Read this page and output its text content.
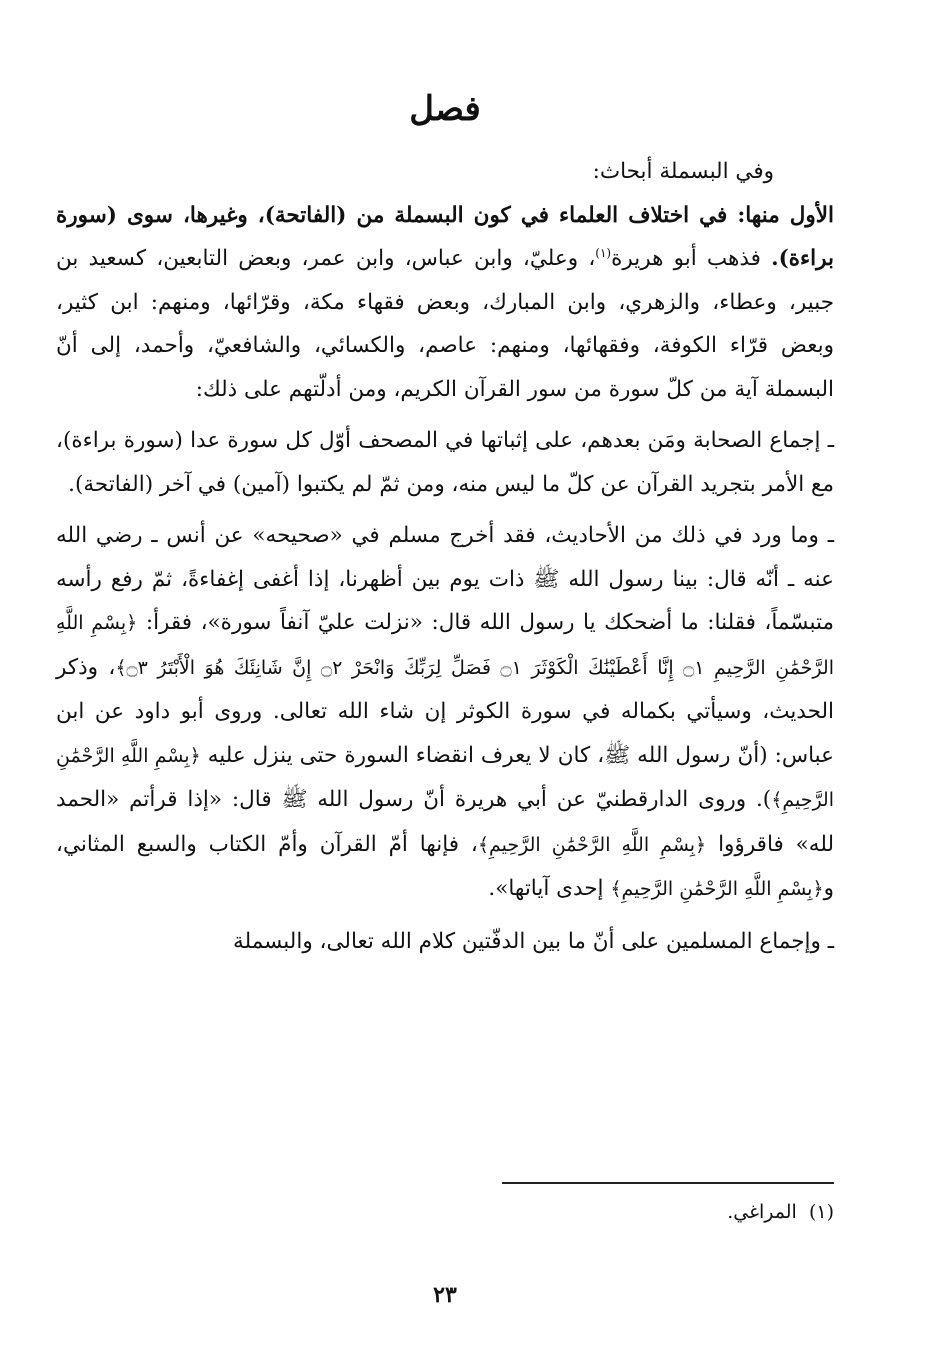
فصل

وفي البسملة أبحاث:

الأول منها: في اختلاف العلماء في كون البسملة من (الفاتحة)، وغيرها، سوى (سورة براءة). فذهب أبو هريرة$^{(١)}$، وعليّ، وابن عباس، وابن عمر، وبعض التابعين، كسعيد بن جبير، وعطاء، والزهري، وابن المبارك، وبعض فقهاء مكة، وقرّائها، ومنهم: ابن كثير، وبعض قرّاء الكوفة، وفقهائها، ومنهم: عاصم، والكسائي، والشافعيّ، وأحمد، إلى أنّ البسملة آية من كلّ سورة من سور القرآن الكريم، ومن أدلّتهم على ذلك:

ـ إجماع الصحابة ومَن بعدهم، على إثباتها في المصحف أوّل كل سورة عدا (سورة براءة)، مع الأمر بتجريد القرآن عن كلّ ما ليس منه، ومن ثمّ لم يكتبوا (آمين) في آخر (الفاتحة).

ـ وما ورد في ذلك من الأحاديث، فقد أخرج مسلم في «صحيحه» عن أنس ـ رضي الله عنه ـ أنّه قال: بينا رسول الله ﷺ ذات يوم بين أظهرنا، إذا أغفى إغفاءةً، ثمّ رفع رأسه متبسّماً، فقلنا: ما أضحكك يا رسول الله قال: «نزلت عليّ آنفاً سورة»، فقرأ: ﴿بِسْمِ اللَّهِ الرَّحْمَٰنِ الرَّحِيمِ ۝١ إِنَّا أَعْطَيْنَٰكَ الْكَوْثَرَ ۝١ فَصَلِّ لِرَبِّكَ وَانْحَرْ ۝٢ إِنَّ شَانِئَكَ هُوَ الْأَبْتَرُ ۝٣﴾، وذكر الحديث، وسيأتي بكماله في سورة الكوثر إن شاء الله تعالى. وروى أبو داود عن ابن عباس: (أنّ رسول الله ﷺ، كان لا يعرف انقضاء السورة حتى ينزل عليه ﴿بِسْمِ اللَّهِ الرَّحْمَٰنِ الرَّحِيمِ﴾). وروى الدارقطنيّ عن أبي هريرة أنّ رسول الله ﷺ قال: «إذا قرأتم «الحمد لله» فاقرؤوا ﴿بِسْمِ اللَّهِ الرَّحْمَٰنِ الرَّحِيمِ﴾، فإنها أمّ القرآن وأمّ الكتاب والسبع المثاني، و﴿بِسْمِ اللَّهِ الرَّحْمَٰنِ الرَّحِيمِ﴾ إحدى آياتها».

ـ وإجماع المسلمين على أنّ ما بين الدفّتين كلام الله تعالى، والبسملة

(١)  المراغي.
٢٣
